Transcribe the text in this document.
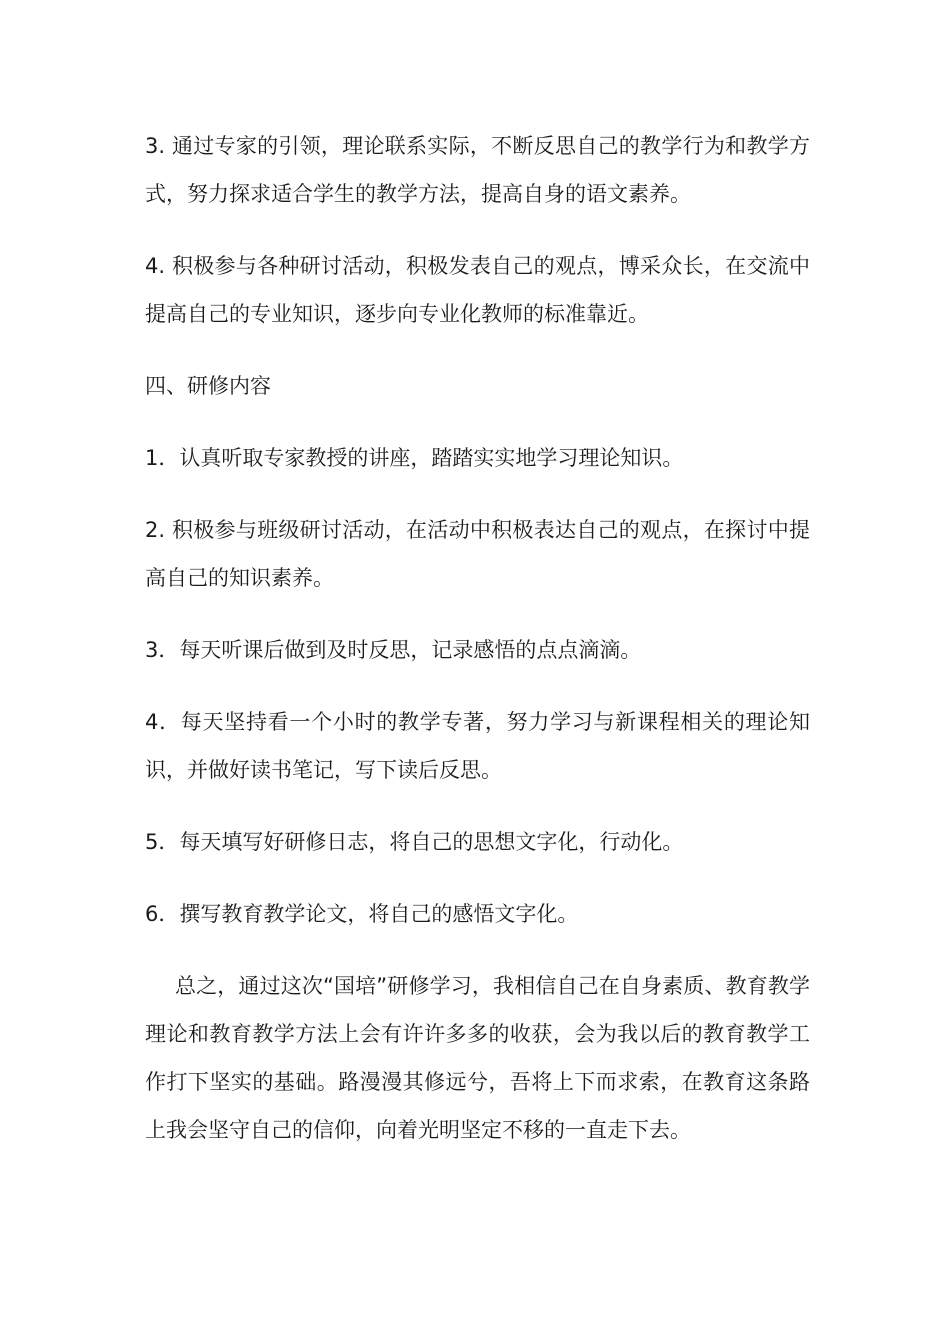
3. 通过专家的引领，理论联系实际，不断反思自己的教学行为和教学方式，努力探求适合学生的教学方法，提高自身的语文素养。

4. 积极参与各种研讨活动，积极发表自己的观点，博采众长，在交流中提高自己的专业知识，逐步向专业化教师的标准靠近。

四、研修内容

1．认真听取专家教授的讲座，踏踏实实地学习理论知识。

2. 积极参与班级研讨活动，在活动中积极表达自己的观点，在探讨中提高自己的知识素养。

3．每天听课后做到及时反思，记录感悟的点点滴滴。

4．每天坚持看一个小时的教学专著，努力学习与新课程相关的理论知识，并做好读书笔记，写下读后反思。

5．每天填写好研修日志，将自己的思想文字化，行动化。

6．撰写教育教学论文，将自己的感悟文字化。

总之，通过这次“国培”研修学习，我相信自己在自身素质、教育教学理论和教育教学方法上会有许许多多的收获，会为我以后的教育教学工作打下坚实的基础。路漫漫其修远兮，吾将上下而求索，在教育这条路上我会坚守自己的信仰，向着光明坚定不移的一直走下去。
